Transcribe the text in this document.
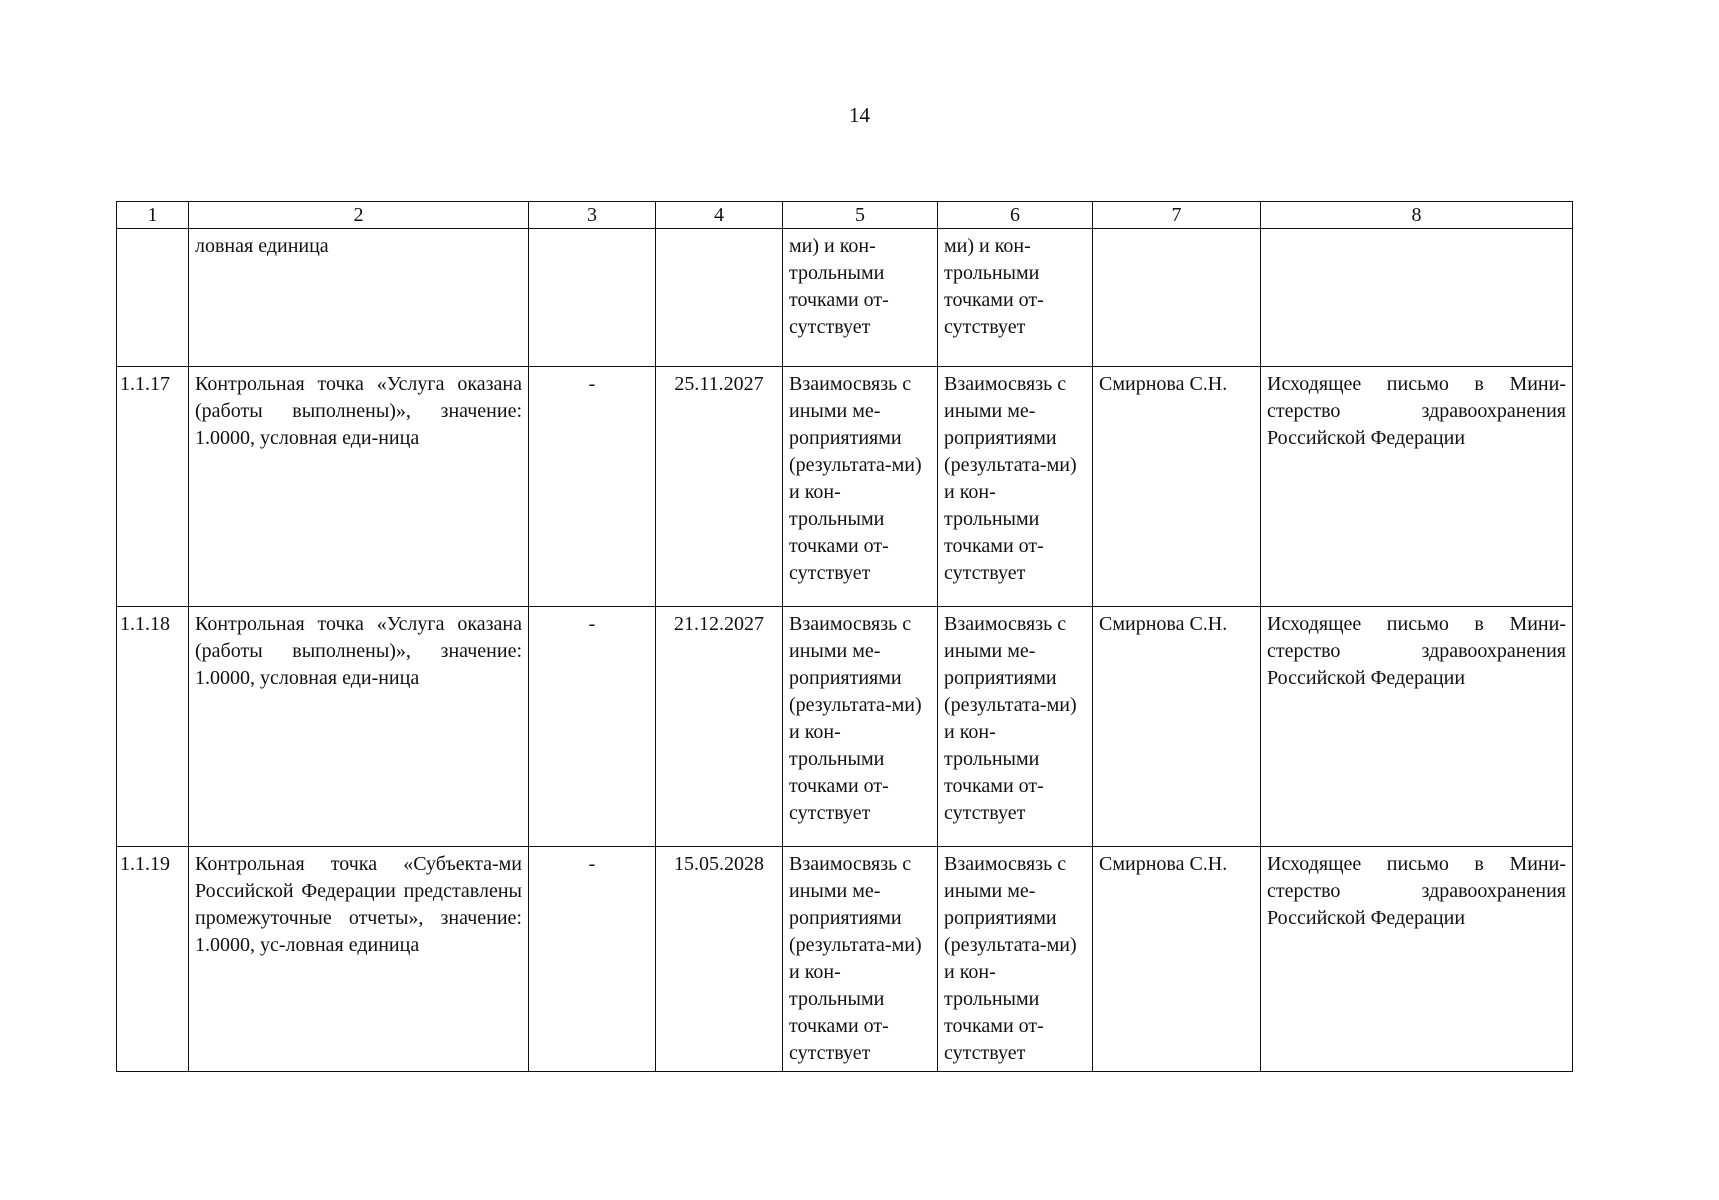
14
1	2	3	4	5	6	7	8
	ловная единица			ми) и кон-трольными точками от-сутствует	ми) и кон-трольными точками от-сутствует		
1.1.17	Контрольная точка «Услуга оказана (работы выполнены)», значение: 1.0000, условная еди-ница	-	25.11.2027	Взаимосвязь с иными ме-роприятиями (результата-ми) и кон-трольными точками от-сутствует	Взаимосвязь с иными ме-роприятиями (результата-ми) и кон-трольными точками от-сутствует	Смирнова С.Н.	Исходящее письмо в Мини-стерство здравоохранения Российской Федерации
1.1.18	Контрольная точка «Услуга оказана (работы выполнены)», значение: 1.0000, условная еди-ница	-	21.12.2027	Взаимосвязь с иными ме-роприятиями (результата-ми) и кон-трольными точками от-сутствует	Взаимосвязь с иными ме-роприятиями (результата-ми) и кон-трольными точками от-сутствует	Смирнова С.Н.	Исходящее письмо в Мини-стерство здравоохранения Российской Федерации
1.1.19	Контрольная точка «Субъекта-ми Российской Федерации представлены промежуточные отчеты», значение: 1.0000, ус-ловная единица	-	15.05.2028	Взаимосвязь с иными ме-роприятиями (результата-ми) и кон-трольными точками от-сутствует	Взаимосвязь с иными ме-роприятиями (результата-ми) и кон-трольными точками от-сутствует	Смирнова С.Н.	Исходящее письмо в Мини-стерство здравоохранения Российской Федерации
